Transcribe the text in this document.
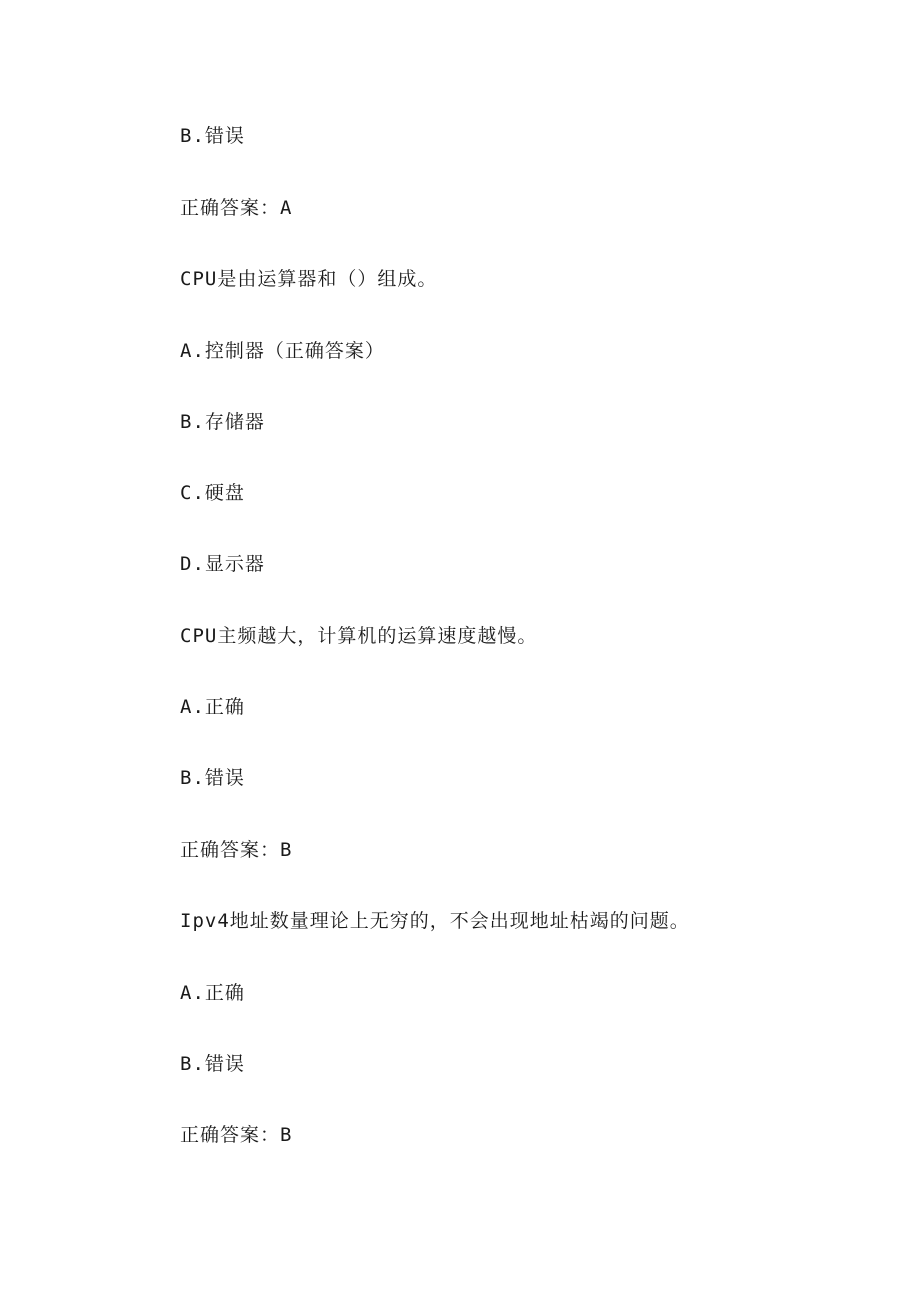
B.错误

正确答案：A

CPU是由运算器和（）组成。

A.控制器（正确答案）

B.存储器

C.硬盘

D.显示器

CPU主频越大，计算机的运算速度越慢。

A.正确

B.错误

正确答案：B

Ipv4地址数量理论上无穷的，不会出现地址枯竭的问题。

A.正确

B.错误

正确答案：B
